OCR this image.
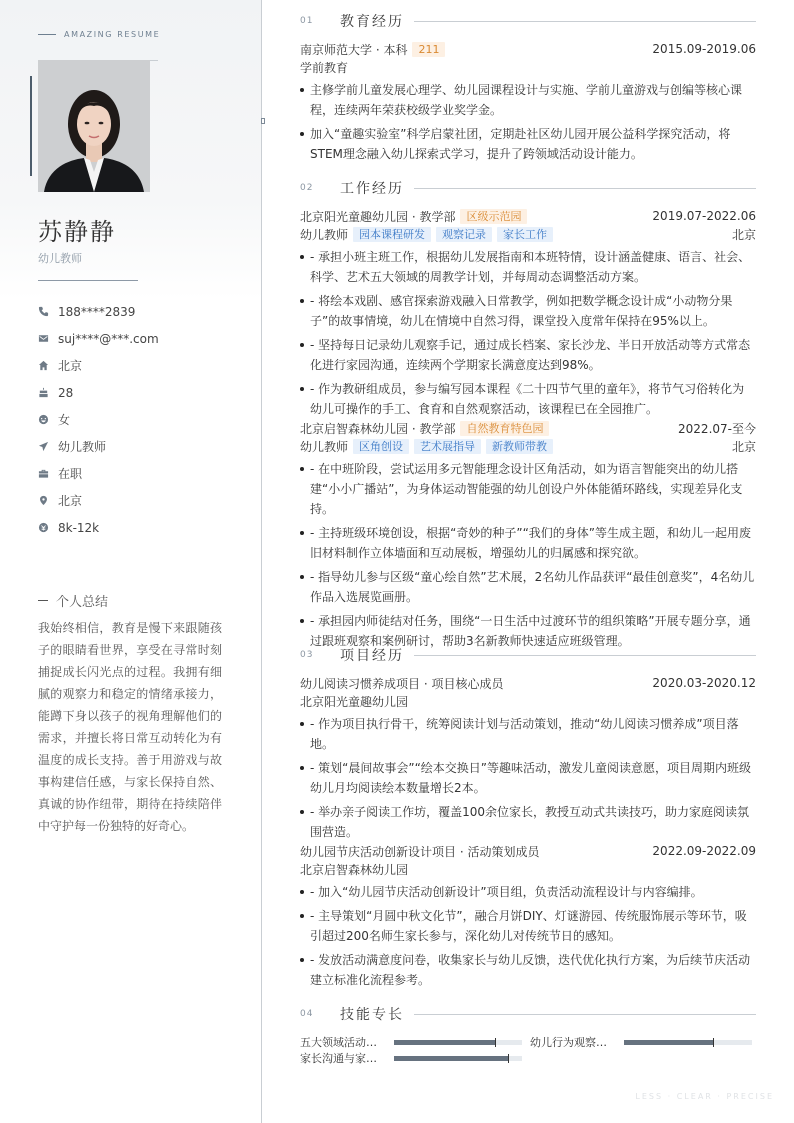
AMAZING RESUME
苏静静
幼儿教师
188****2839
suj****@***.com
北京
28
女
幼儿教师
在职
北京
8k-12k
个人总结
我始终相信，教育是慢下来跟随孩子的眼睛看世界，享受在寻常时刻捕捉成长闪光点的过程。我拥有细腻的观察力和稳定的情绪承接力，能蹲下身以孩子的视角理解他们的需求，并擅长将日常互动转化为有温度的成长支持。善于用游戏与故事构建信任感，与家长保持自然、真诚的协作纽带，期待在持续陪伴中守护每一份独特的好奇心。
01	教育经历
南京师范大学 · 本科	211	2015.09-2019.06
学前教育
主修学前儿童发展心理学、幼儿园课程设计与实施、学前儿童游戏与创编等核心课程，连续两年荣获校级学业奖学金。
加入“童趣实验室”科学启蒙社团，定期赴社区幼儿园开展公益科学探究活动，将STEM理念融入幼儿探索式学习，提升了跨领域活动设计能力。
02	工作经历
北京阳光童趣幼儿园 · 教学部	区级示范园	2019.07-2022.06
幼儿教师	园本课程研发	观察记录	家长工作	北京
- 承担小班主班工作，根据幼儿发展指南和本班特情，设计涵盖健康、语言、社会、科学、艺术五大领域的周教学计划，并每周动态调整活动方案。
- 将绘本戏剧、感官探索游戏融入日常教学，例如把数学概念设计成“小动物分果子”的故事情境，幼儿在情境中自然习得，课堂投入度常年保持在95%以上。
- 坚持每日记录幼儿观察手记，通过成长档案、家长沙龙、半日开放活动等方式常态化进行家园沟通，连续两个学期家长满意度达到98%。
- 作为教研组成员，参与编写园本课程《二十四节气里的童年》，将节气习俗转化为幼儿可操作的手工、食育和自然观察活动，该课程已在全园推广。
北京启智森林幼儿园 · 教学部	自然教育特色园	2022.07-至今
幼儿教师	区角创设	艺术展指导	新教师带教	北京
- 在中班阶段，尝试运用多元智能理念设计区角活动，如为语言智能突出的幼儿搭建“小小广播站”，为身体运动智能强的幼儿创设户外体能循环路线，实现差异化支持。
- 主持班级环境创设，根据“奇妙的种子”“我们的身体”等生成主题，和幼儿一起用废旧材料制作立体墙面和互动展板，增强幼儿的归属感和探究欲。
- 指导幼儿参与区级“童心绘自然”艺术展，2名幼儿作品获评“最佳创意奖”，4名幼儿作品入选展览画册。
- 承担园内师徒结对任务，围绕“一日生活中过渡环节的组织策略”开展专题分享，通过跟班观察和案例研讨，帮助3名新教师快速适应班级管理。
03	项目经历
幼儿阅读习惯养成项目 · 项目核心成员	2020.03-2020.12
北京阳光童趣幼儿园
- 作为项目执行骨干，统筹阅读计划与活动策划，推动“幼儿阅读习惯养成”项目落地。
- 策划“晨间故事会”“绘本交换日”等趣味活动，激发儿童阅读意愿，项目周期内班级幼儿月均阅读绘本数量增长2本。
- 举办亲子阅读工作坊，覆盖100余位家长，教授互动式共读技巧，助力家庭阅读氛围营造。
幼儿园节庆活动创新设计项目 · 活动策划成员	2022.09-2022.09
北京启智森林幼儿园
- 加入“幼儿园节庆活动创新设计”项目组，负责活动流程设计与内容编排。
- 主导策划“月圆中秋文化节”，融合月饼DIY、灯谜游园、传统服饰展示等环节，吸引超过200名师生家长参与，深化幼儿对传统节日的感知。
- 发放活动满意度问卷，收集家长与幼儿反馈，迭代优化执行方案，为后续节庆活动建立标准化流程参考。
04	技能专长
五大领域活动…	幼儿行为观察…
家长沟通与家…
LESS · CLEAR · PRECISE
